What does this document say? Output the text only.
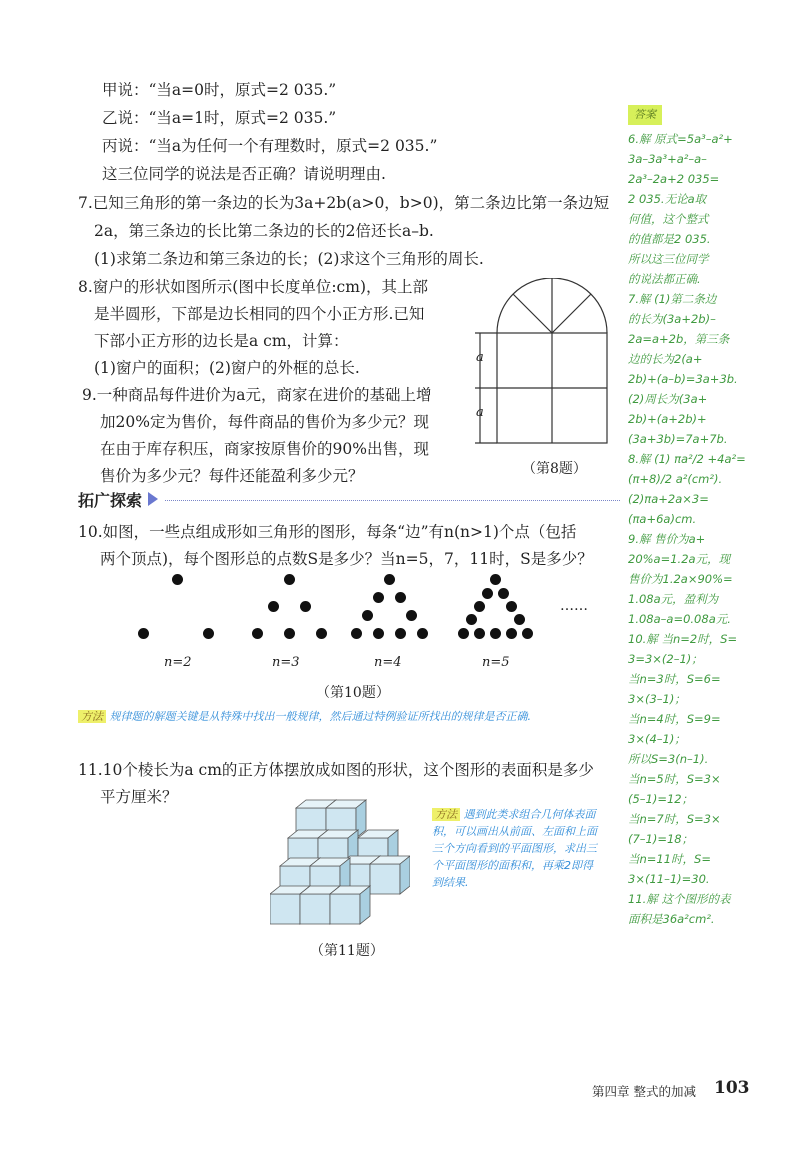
甲说：“当a=0时，原式=2 035.”
乙说：“当a=1时，原式=2 035.”
丙说：“当a为任何一个有理数时，原式=2 035.”
这三位同学的说法是否正确？请说明理由.
7.已知三角形的第一条边的长为3a+2b(a>0，b>0)，第二条边比第一条边短
2a，第三条边的长比第二条边的长的2倍还长a–b.
(1)求第二条边和第三条边的长；(2)求这个三角形的周长.
8.窗户的形状如图所示(图中长度单位:cm)，其上部
是半圆形，下部是边长相同的四个小正方形.已知
下部小正方形的边长是a cm，计算：
(1)窗户的面积；(2)窗户的外框的总长.
9.一种商品每件进价为a元，商家在进价的基础上增
加20%定为售价，每件商品的售价为多少元？现
在由于库存积压，商家按原售价的90%出售，现
售价为多少元？每件还能盈利多少元？
a
a
（第8题）
拓广探索
10.如图，一些点组成形如三角形的图形，每条“边”有n(n>1)个点（包括
两个顶点)，每个图形总的点数S是多少？当n=5，7，11时，S是多少？
……
n=2	n=3	n=4	n=5
（第10题）
方法 规律题的解题关键是从特殊中找出一般规律，然后通过特例验证所找出的规律是否正确.
11.10个棱长为a cm的正方体摆放成如图的形状，这个图形的表面积是多少
平方厘米？
（第11题）
方法 遇到此类求组合几何体表面积，可以画出从前面、左面和上面三个方向看到的平面图形，求出三个平面图形的面积和，再乘2即得到结果.
答案

6.解 原式=5a³–a²+

3a–3a³+a²–a–

2a³–2a+2 035=

2 035.无论a取

何值，这个整式

的值都是2 035.

所以这三位同学

的说法都正确.

7.解 (1)第二条边

的长为(3a+2b)–

2a=a+2b，第三条

边的长为2(a+

2b)+(a–b)=3a+3b.

(2)周长为(3a+

2b)+(a+2b)+

(3a+3b)=7a+7b.

8.解 (1) πa²/2 +4a²=

(π+8)/2 a²(cm²).

(2)πa+2a×3=

(πa+6a)cm.

9.解 售价为a+

20%a=1.2a元，现

售价为1.2a×90%=

1.08a元，盈利为

1.08a–a=0.08a元.

10.解 当n=2时，S=

3=3×(2–1)；

当n=3时，S=6=

3×(3–1)；

当n=4时，S=9=

3×(4–1)；

所以S=3(n–1).

当n=5时，S=3×

(5–1)=12；

当n=7时，S=3×

(7–1)=18；

当n=11时，S=

3×(11–1)=30.

11.解 这个图形的表

面积是36a²cm².

第四章 整式的加减 103
